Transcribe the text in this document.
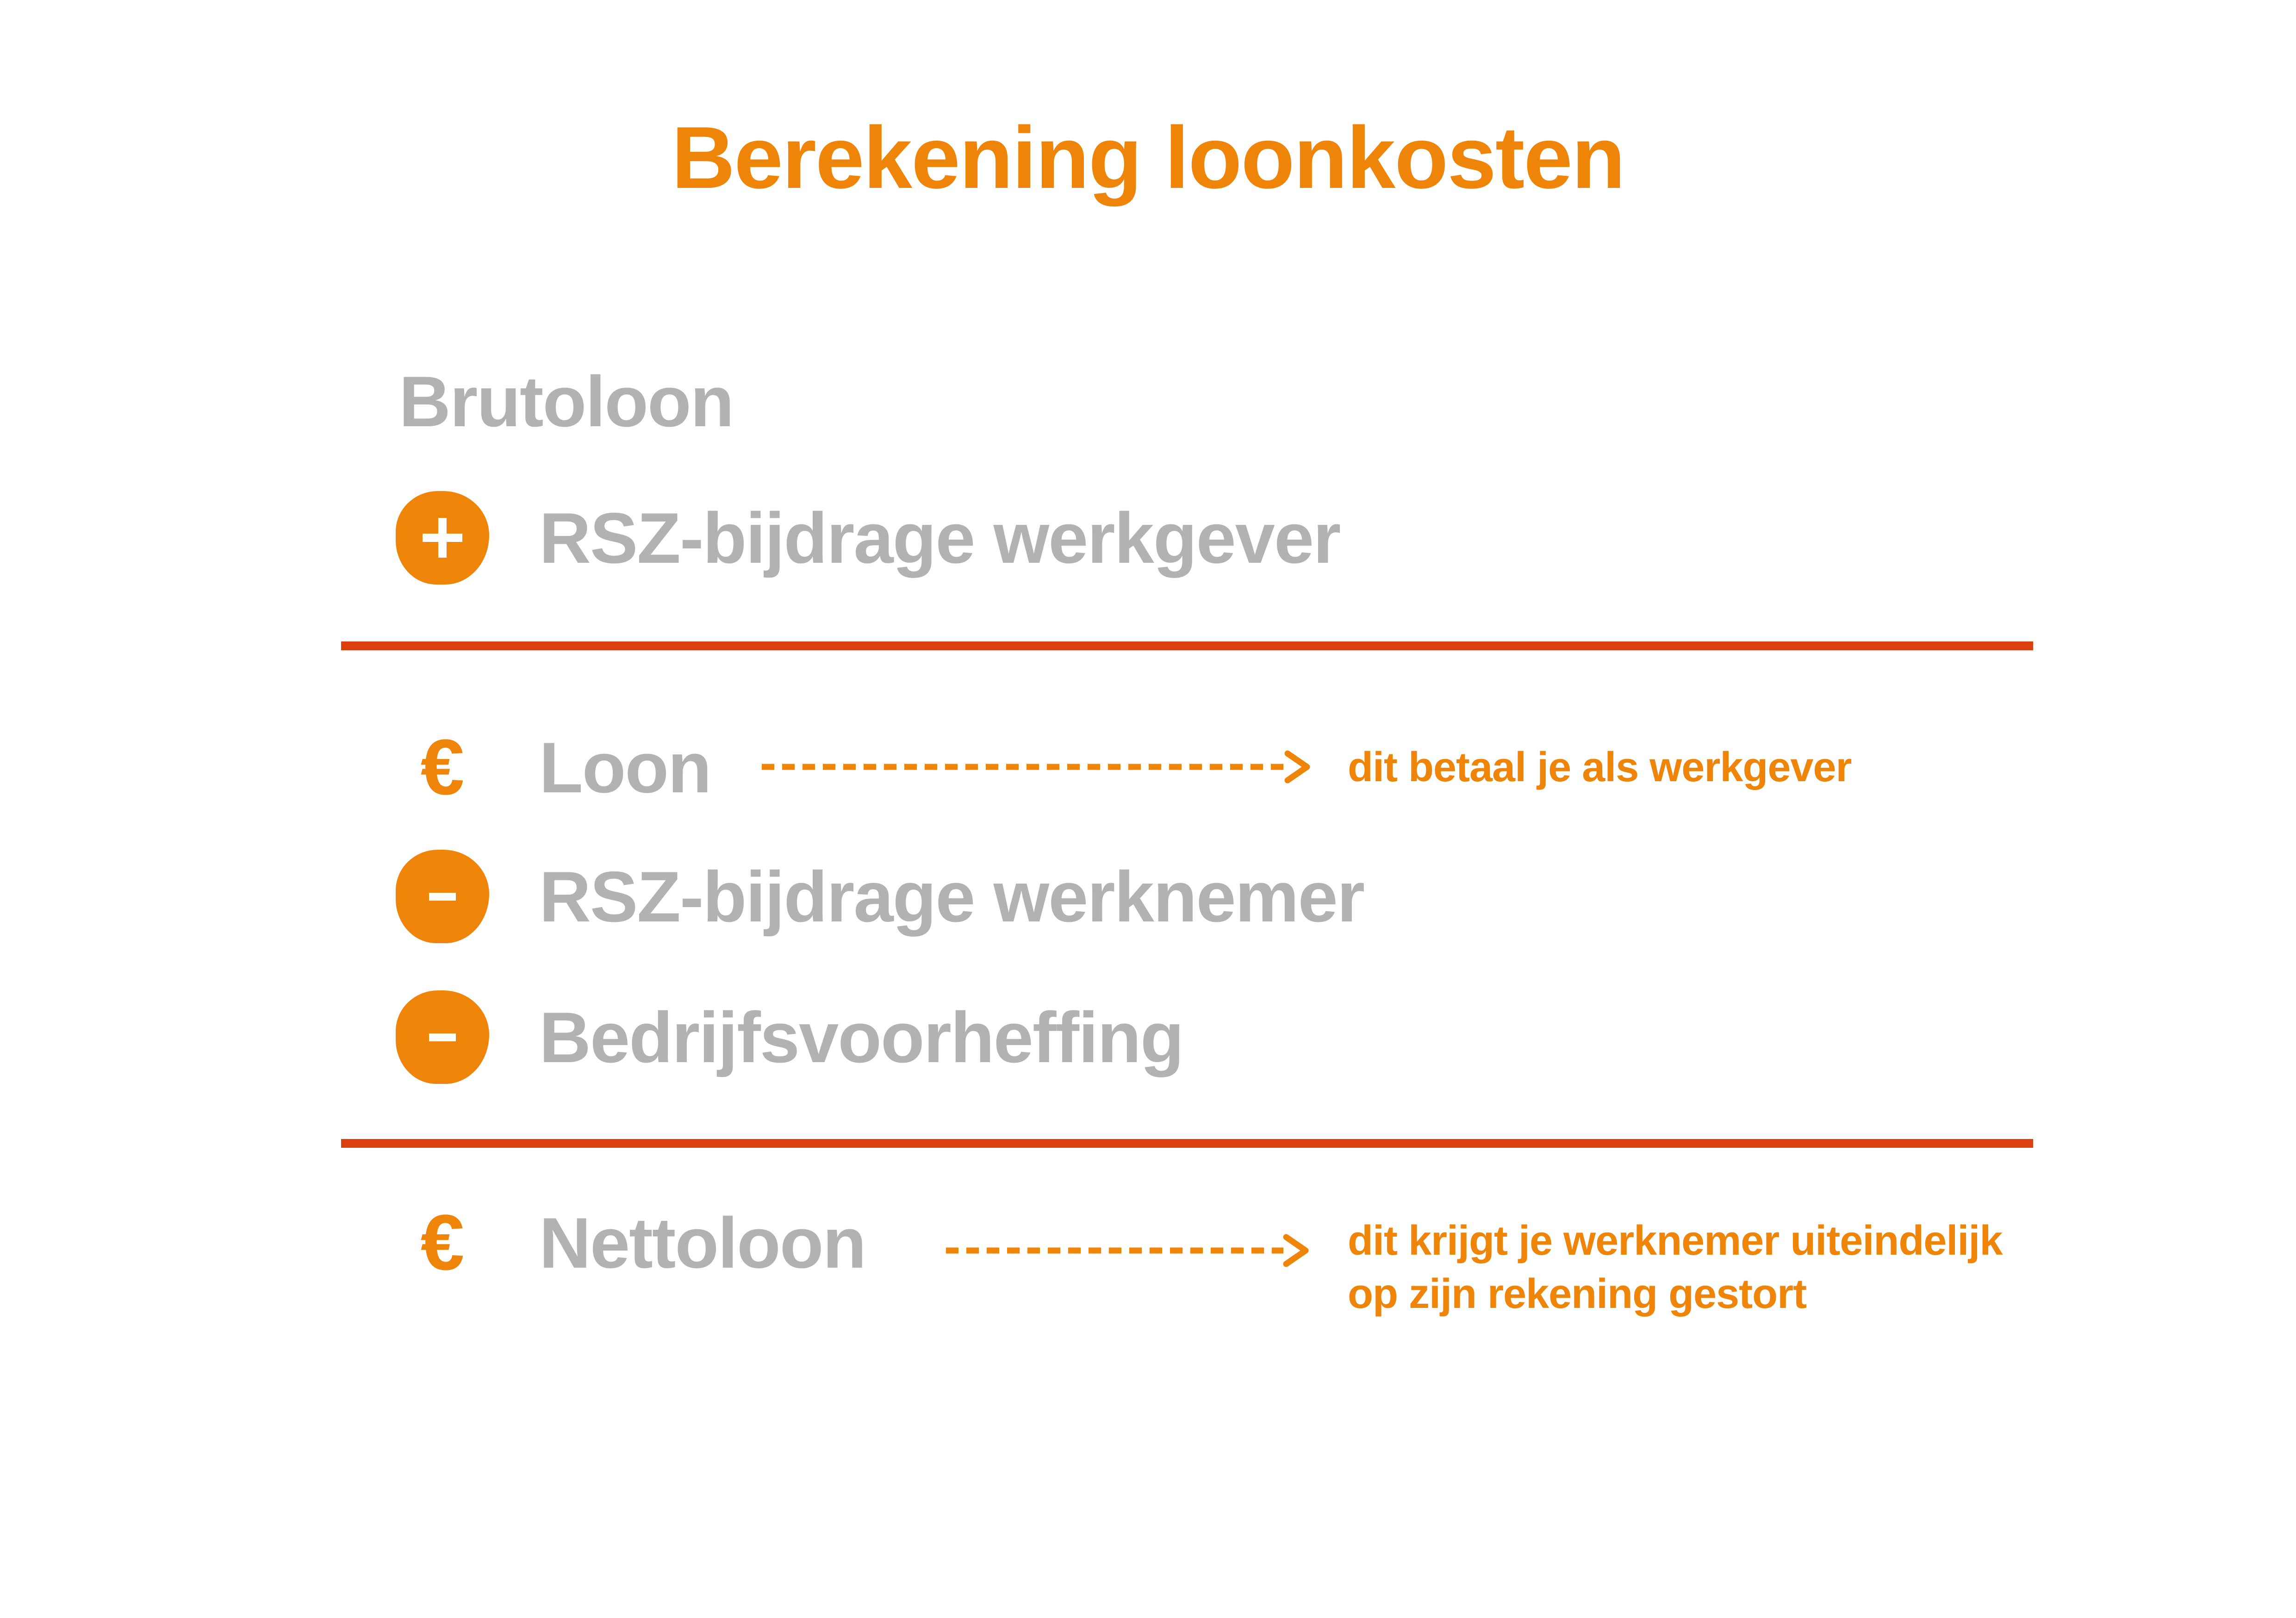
Berekening loonkosten
Brutoloon
RSZ-bijdrage werkgever
€ Loon	dit betaal je als werkgever
RSZ-bijdrage werknemer
Bedrijfsvoorheffing
€ Nettoloon	dit krijgt je werknemer uiteindelijk
op zijn rekening gestort
